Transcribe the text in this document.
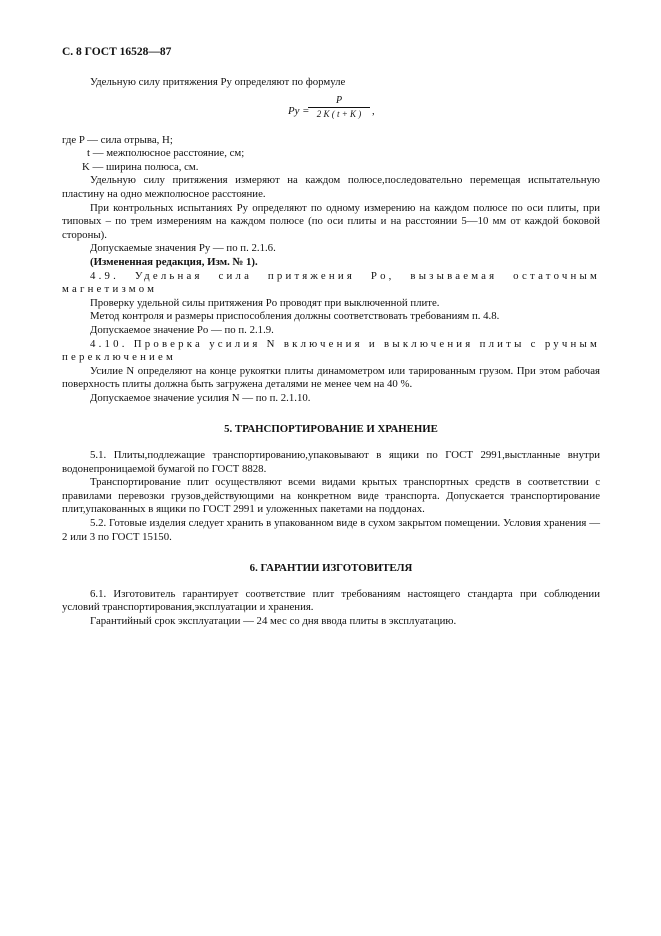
С. 8 ГОСТ 16528—87

Удельную силу притяжения Pу определяют по формуле

Pу =
$\frac{P}{2 K ( t + K )}$ ,

где P — сила отрыва, Н;

t — межполюсное расстояние, см;

K — ширина полюса, см.

Удельную силу притяжения измеряют на каждом полюсе,последовательно перемещая испытательную пластину на одно межполюсное расстояние.

При контрольных испытаниях Pу определяют по одному измерению на каждом полюсе по оси плиты, при типовых – по трем измерениям на каждом полюсе (по оси плиты и на расстоянии 5—10 мм от каждой боковой стороны).

Допускаемые значения Pу — по п. 2.1.6.

(Измененная редакция, Изм. № 1).

4.9. Удельная сила притяжения Pо, вызываемая остаточным магнетизмом

Проверку удельной силы притяжения Pо проводят при выключенной плите.

Метод контроля и размеры приспособления должны соответствовать требованиям п. 4.8.

Допускаемое значение Pо — по п. 2.1.9.

4.10. Проверка усилия N включения и выключения плиты с ручным переключением

Усилие N определяют на конце рукоятки плиты динамометром или тарированным грузом. При этом рабочая поверхность плиты должна быть загружена деталями не менее чем на 40 %.

Допускаемое значение усилия N — по п. 2.1.10.

5. ТРАНСПОРТИРОВАНИЕ И ХРАНЕНИЕ

5.1. Плиты,подлежащие транспортированию,упаковывают в ящики по ГОСТ 2991,выстланные внутри водонепроницаемой бумагой по ГОСТ 8828.

Транспортирование плит осуществляют всеми видами крытых транспортных средств в соответствии с правилами перевозки грузов,действующими на конкретном виде транспорта. Допускается транспортирование плит,упакованных в ящики по ГОСТ 2991 и уложенных пакетами на поддонах.

5.2. Готовые изделия следует хранить в упакованном виде в сухом закрытом помещении. Условия хранения — 2 или 3 по ГОСТ 15150.

6. ГАРАНТИИ ИЗГОТОВИТЕЛЯ

6.1. Изготовитель гарантирует соответствие плит требованиям настоящего стандарта при соблюдении условий транспортирования,эксплуатации и хранения.

Гарантийный срок эксплуатации — 24 мес со дня ввода плиты в эксплуатацию.
